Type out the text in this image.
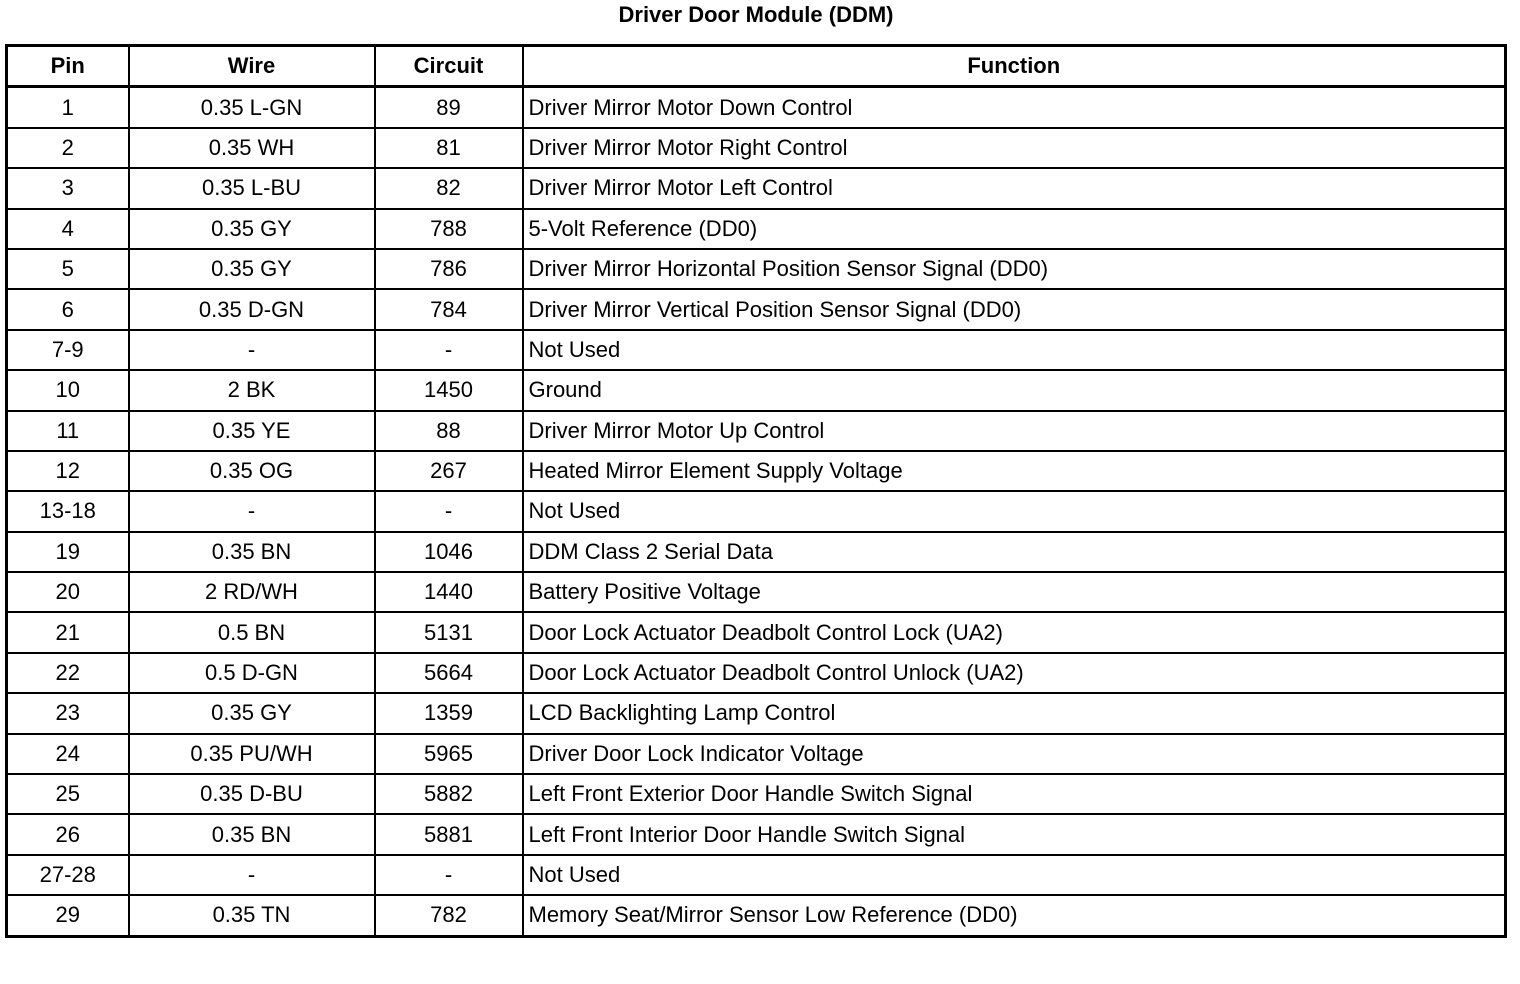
Driver Door Module (DDM)
Pin	Wire	Circuit	Function
1	0.35 L-GN	89	Driver Mirror Motor Down Control
2	0.35 WH	81	Driver Mirror Motor Right Control
3	0.35 L-BU	82	Driver Mirror Motor Left Control
4	0.35 GY	788	5-Volt Reference (DD0)
5	0.35 GY	786	Driver Mirror Horizontal Position Sensor Signal (DD0)
6	0.35 D-GN	784	Driver Mirror Vertical Position Sensor Signal (DD0)
7-9	-	-	Not Used
10	2 BK	1450	Ground
11	0.35 YE	88	Driver Mirror Motor Up Control
12	0.35 OG	267	Heated Mirror Element Supply Voltage
13-18	-	-	Not Used
19	0.35 BN	1046	DDM Class 2 Serial Data
20	2 RD/WH	1440	Battery Positive Voltage
21	0.5 BN	5131	Door Lock Actuator Deadbolt Control Lock (UA2)
22	0.5 D-GN	5664	Door Lock Actuator Deadbolt Control Unlock (UA2)
23	0.35 GY	1359	LCD Backlighting Lamp Control
24	0.35 PU/WH	5965	Driver Door Lock Indicator Voltage
25	0.35 D-BU	5882	Left Front Exterior Door Handle Switch Signal
26	0.35 BN	5881	Left Front Interior Door Handle Switch Signal
27-28	-	-	Not Used
29	0.35 TN	782	Memory Seat/Mirror Sensor Low Reference (DD0)
